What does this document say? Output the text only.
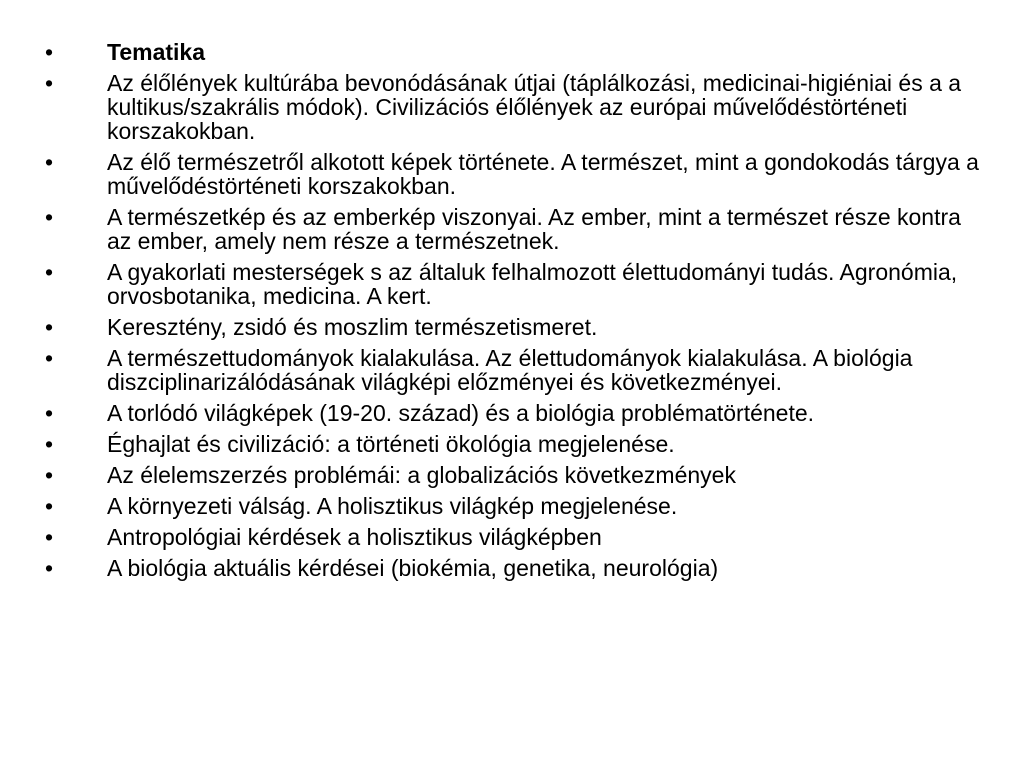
•	Tematika
•	Az élőlények kultúrába bevonódásának útjai (táplálkozási, medicinai-higiéniai és a a kultikus/szakrális módok). Civilizációs élőlények az európai művelődéstörténeti korszakokban.
•	Az élő természetről alkotott képek története. A természet, mint a gondokodás tárgya a művelődéstörténeti korszakokban.
•	A természetkép és az emberkép viszonyai. Az ember, mint a természet része kontra az ember, amely nem része a természetnek.
•	A gyakorlati mesterségek s az általuk felhalmozott élettudományi tudás. Agronómia, orvosbotanika, medicina. A kert.
•	Keresztény, zsidó és moszlim természetismeret.
•	A természettudományok kialakulása. Az élettudományok kialakulása. A biológia diszciplinarizálódásának világképi előzményei és következményei.
•	A torlódó világképek (19-20. század) és a biológia problématörténete.
•	Éghajlat és civilizáció: a történeti ökológia megjelenése.
•	Az élelemszerzés problémái: a globalizációs következmények
•	A környezeti válság. A holisztikus világkép megjelenése.
•	Antropológiai kérdések a holisztikus világképben
•	A biológia aktuális kérdései (biokémia, genetika, neurológia)
